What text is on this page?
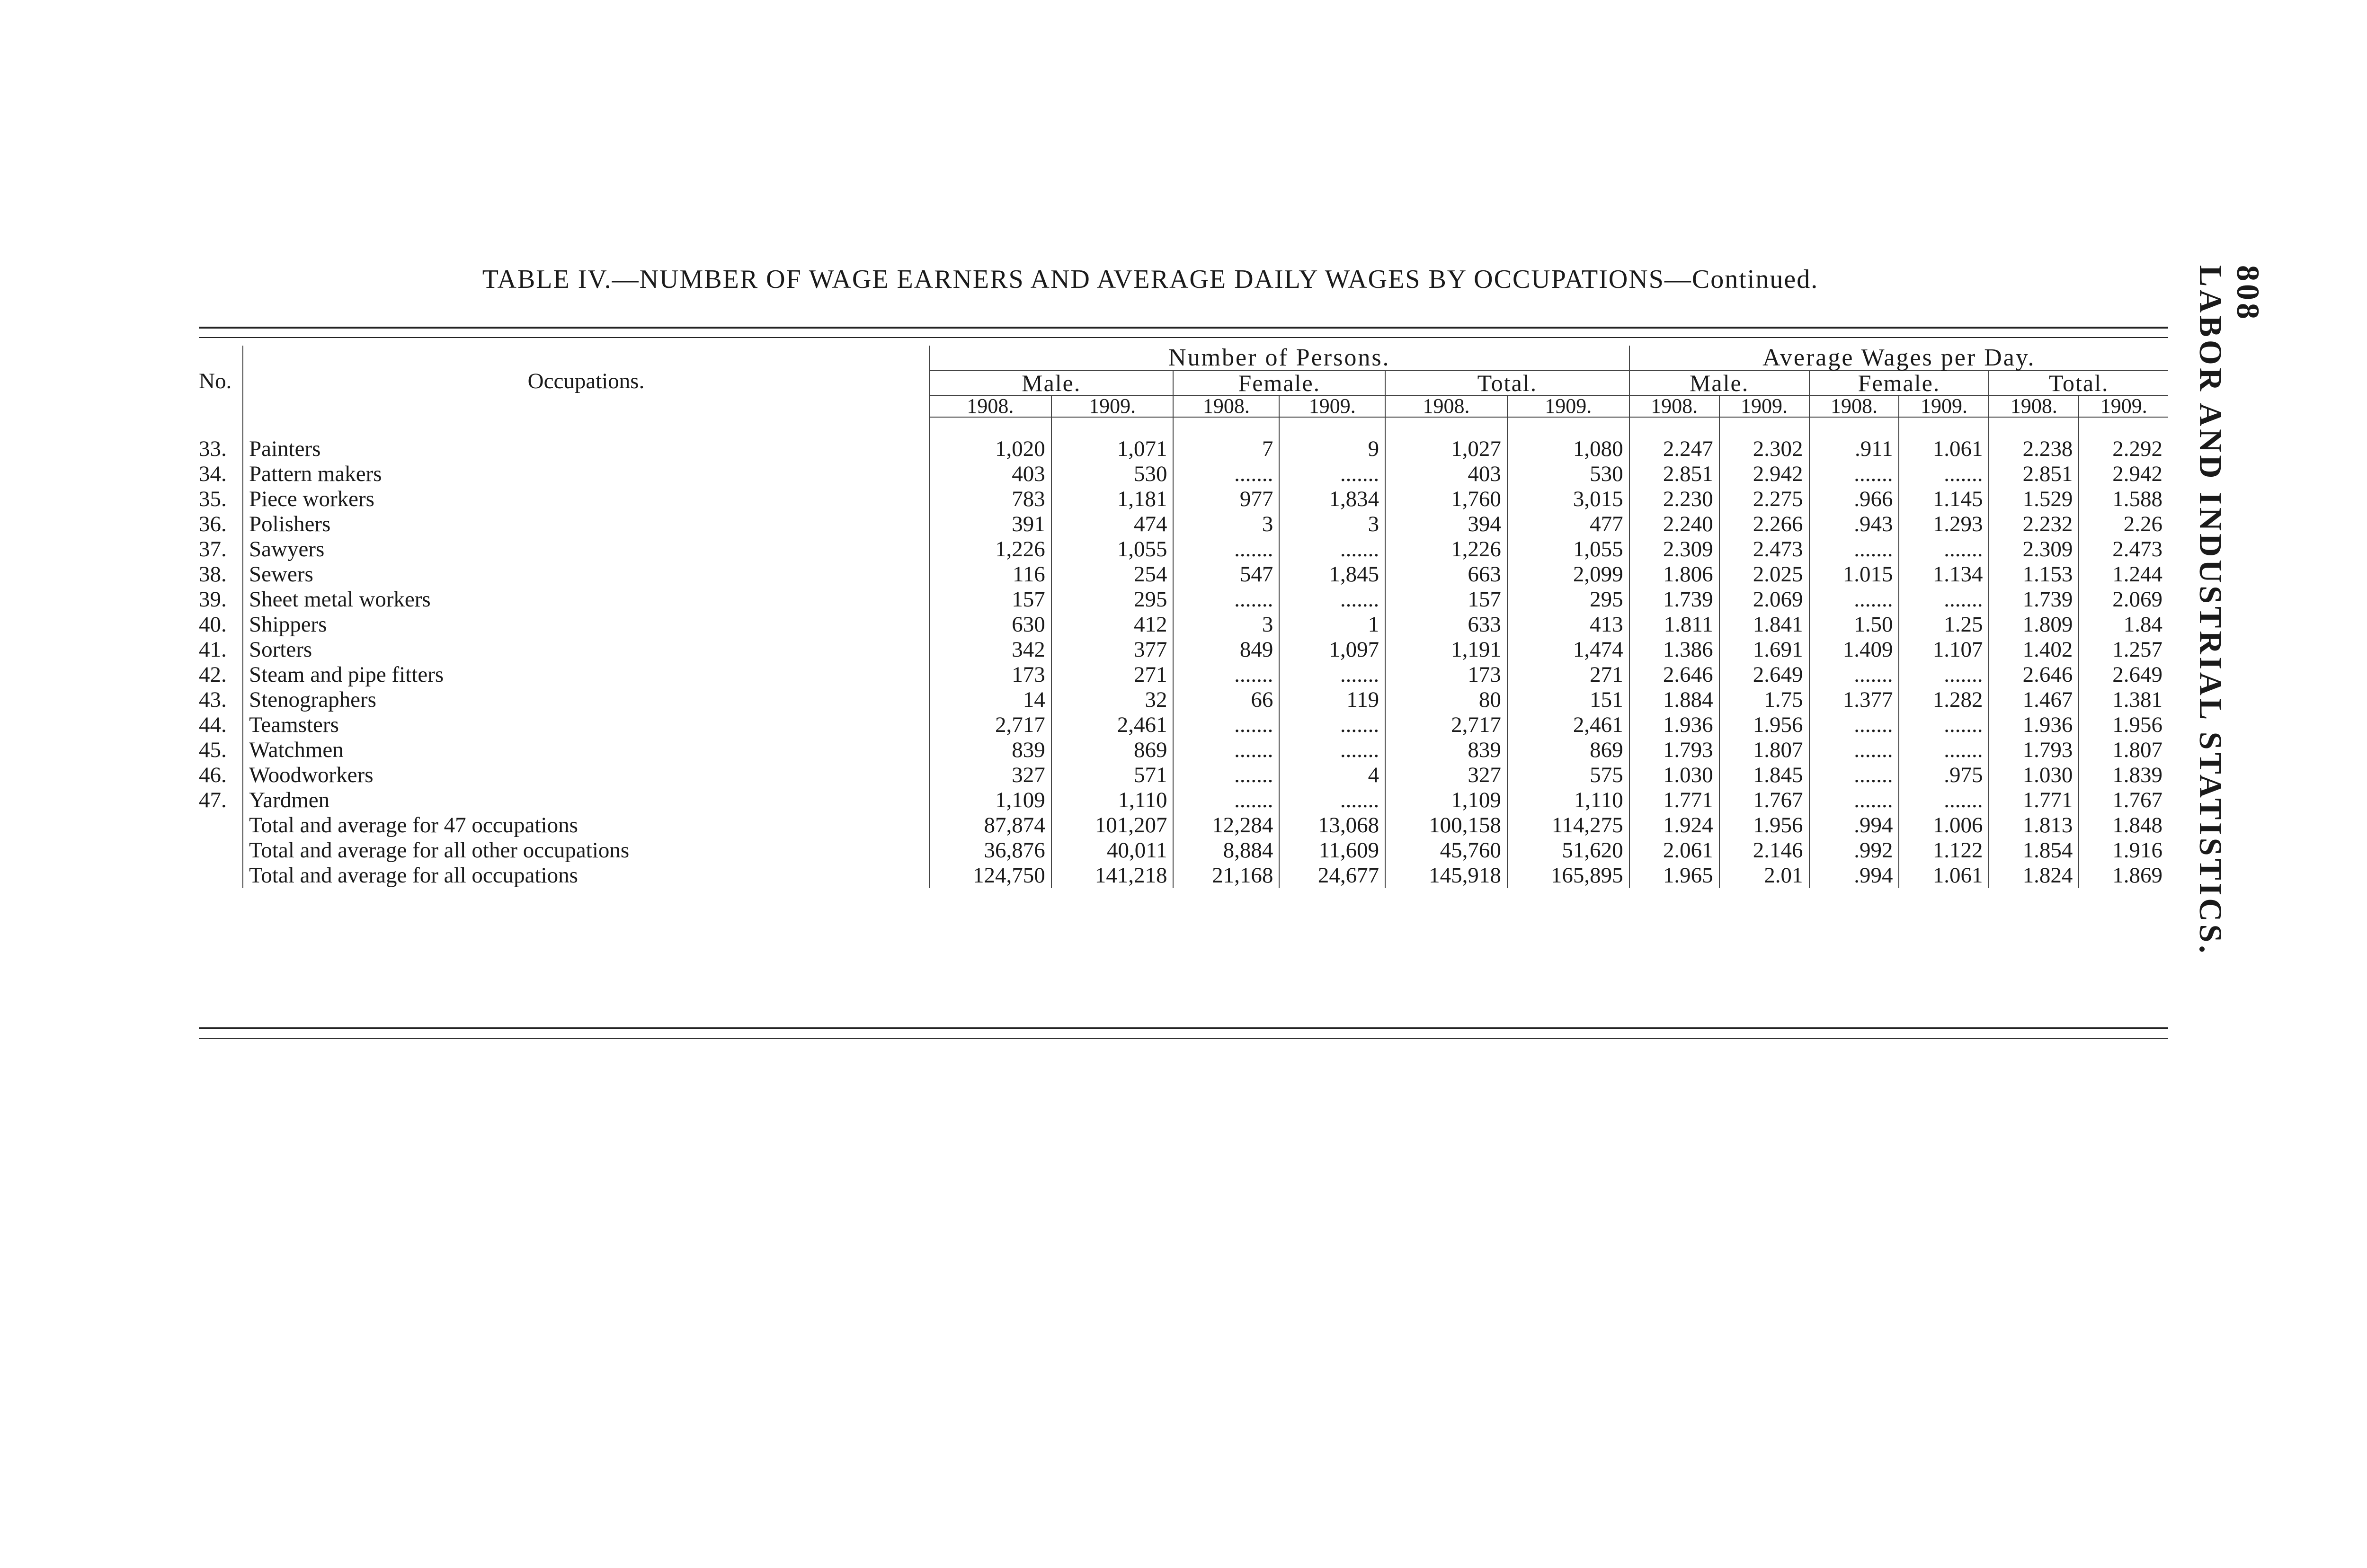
TABLE IV.—NUMBER OF WAGE EARNERS AND AVERAGE DAILY WAGES BY OCCUPATIONS—Continued.	808
LABOR AND INDUSTRIAL STATISTICS.
No.	Occupations.	Number of Persons.						Average Wages per Day.					
		Male.		Female.		Total.		Male.		Female.		Total.	
		1908.	1909.	1908.	1909.	1908.	1909.	1908.	1909.	1908.	1909.	1908.	1909.

33.	Painters	1,020	1,071	7	9	1,027	1,080	2.247	2.302	.911	1.061	2.238	2.292
34.	Pattern makers	403	530	.......	.......	403	530	2.851	2.942	.......	.......	2.851	2.942
35.	Piece workers	783	1,181	977	1,834	1,760	3,015	2.230	2.275	.966	1.145	1.529	1.588
36.	Polishers	391	474	3	3	394	477	2.240	2.266	.943	1.293	2.232	2.26
37.	Sawyers	1,226	1,055	.......	.......	1,226	1,055	2.309	2.473	.......	.......	2.309	2.473
38.	Sewers	116	254	547	1,845	663	2,099	1.806	2.025	1.015	1.134	1.153	1.244
39.	Sheet metal workers	157	295	.......	.......	157	295	1.739	2.069	.......	.......	1.739	2.069
40.	Shippers	630	412	3	1	633	413	1.811	1.841	1.50	1.25	1.809	1.84
41.	Sorters	342	377	849	1,097	1,191	1,474	1.386	1.691	1.409	1.107	1.402	1.257
42.	Steam and pipe fitters	173	271	.......	.......	173	271	2.646	2.649	.......	.......	2.646	2.649
43.	Stenographers	14	32	66	119	80	151	1.884	1.75	1.377	1.282	1.467	1.381
44.	Teamsters	2,717	2,461	.......	.......	2,717	2,461	1.936	1.956	.......	.......	1.936	1.956
45.	Watchmen	839	869	.......	.......	839	869	1.793	1.807	.......	.......	1.793	1.807
46.	Woodworkers	327	571	.......	4	327	575	1.030	1.845	.......	.975	1.030	1.839
47.	Yardmen	1,109	1,110	.......	.......	1,109	1,110	1.771	1.767	.......	.......	1.771	1.767
	Total and average for 47 occupations	87,874	101,207	12,284	13,068	100,158	114,275	1.924	1.956	.994	1.006	1.813	1.848
	Total and average for all other occupations	36,876	40,011	8,884	11,609	45,760	51,620	2.061	2.146	.992	1.122	1.854	1.916
	Total and average for all occupations	124,750	141,218	21,168	24,677	145,918	165,895	1.965	2.01	.994	1.061	1.824	1.869
